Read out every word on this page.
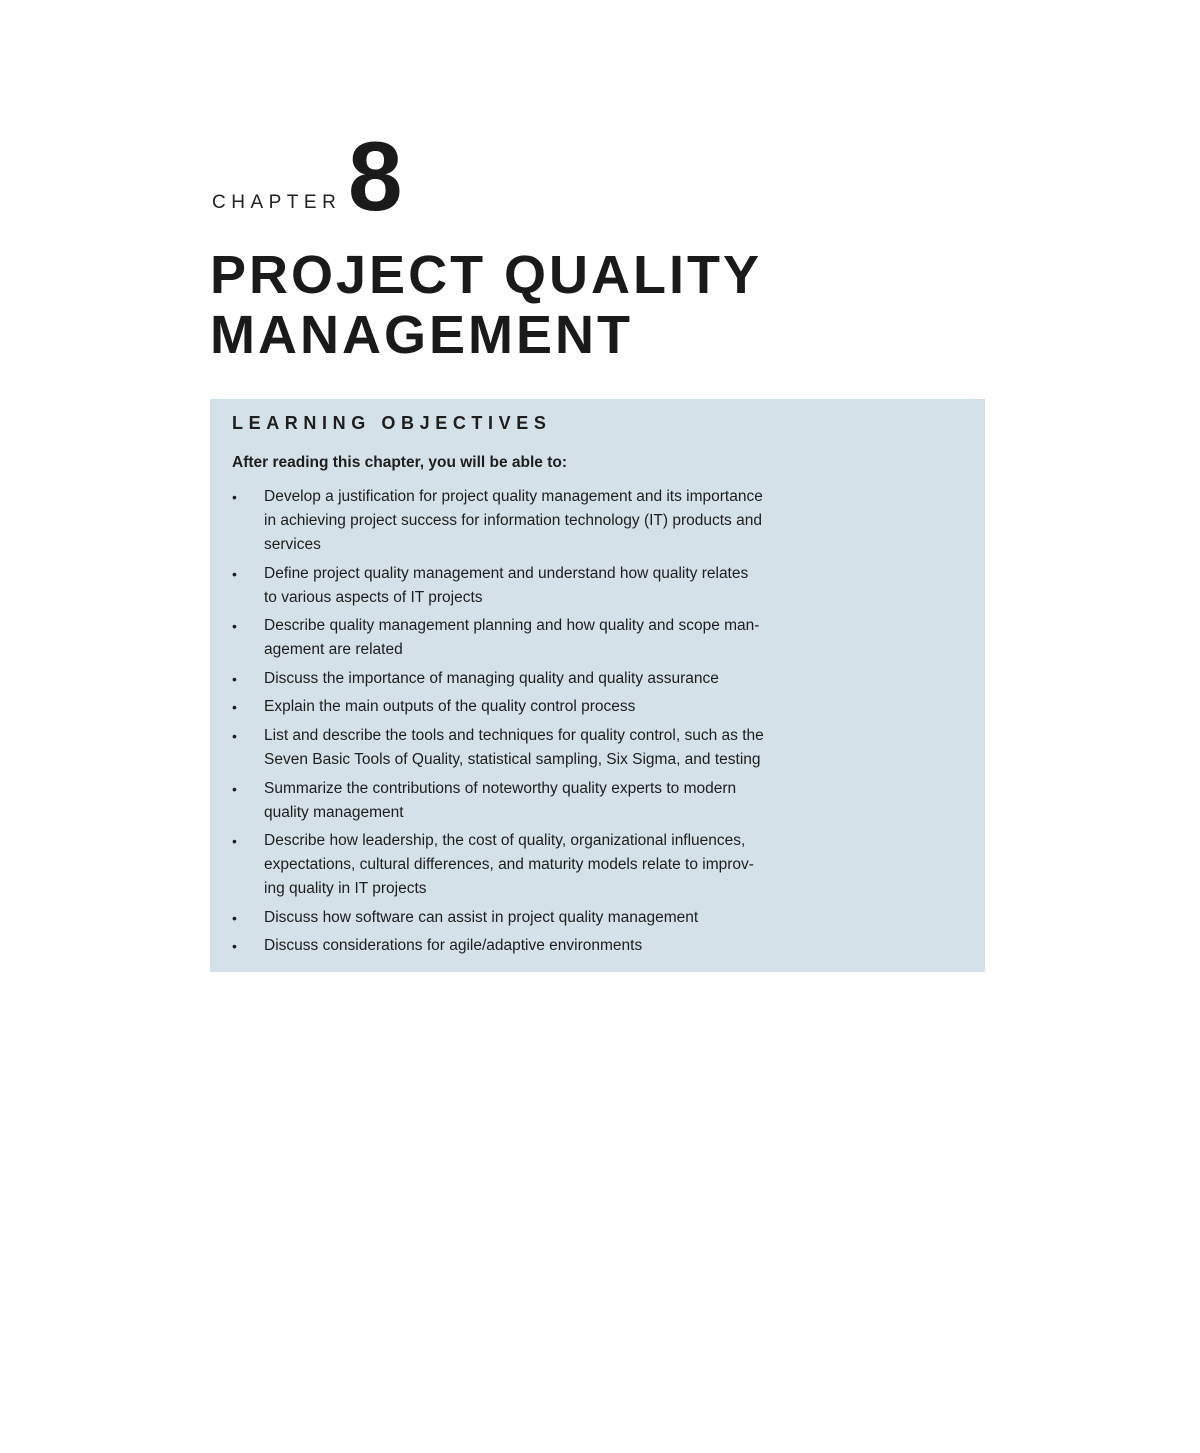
CHAPTER 8
PROJECT QUALITY
MANAGEMENT
LEARNING OBJECTIVES

After reading this chapter, you will be able to:

• Develop a justification for project quality management and its importance
in achieving project success for information technology (IT) products and
services
• Define project quality management and understand how quality relates
to various aspects of IT projects
• Describe quality management planning and how quality and scope man-
agement are related
• Discuss the importance of managing quality and quality assurance
• Explain the main outputs of the quality control process
• List and describe the tools and techniques for quality control, such as the
Seven Basic Tools of Quality, statistical sampling, Six Sigma, and testing
• Summarize the contributions of noteworthy quality experts to modern
quality management
• Describe how leadership, the cost of quality, organizational influences,
expectations, cultural differences, and maturity models relate to improv-
ing quality in IT projects
• Discuss how software can assist in project quality management
• Discuss considerations for agile/adaptive environments
